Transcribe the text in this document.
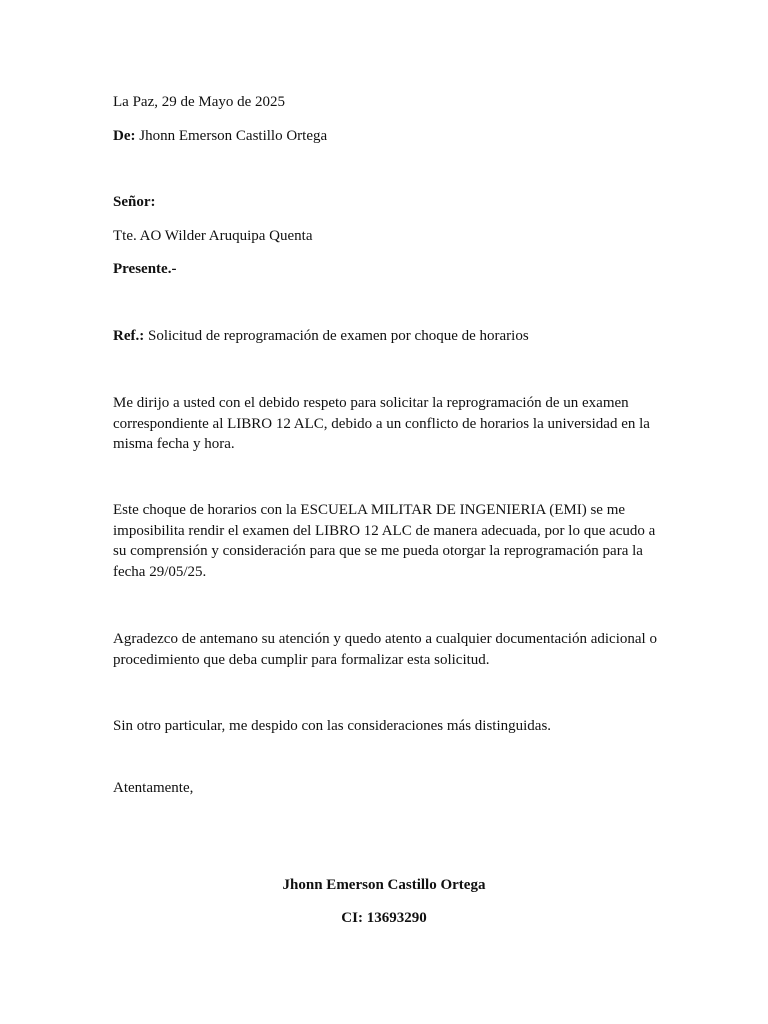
La Paz, 29 de Mayo de 2025
De: Jhonn Emerson Castillo Ortega
Señor:
Tte. AO Wilder Aruquipa Quenta
Presente.-
Ref.: Solicitud de reprogramación de examen por choque de horarios

Me dirijo a usted con el debido respeto para solicitar la reprogramación de un examen correspondiente al LIBRO 12 ALC, debido a un conflicto de horarios la universidad en la misma fecha y hora.

Este choque de horarios con la ESCUELA MILITAR DE INGENIERIA (EMI) se me imposibilita rendir el examen del LIBRO 12 ALC de manera adecuada, por lo que acudo a su comprensión y consideración para que se me pueda otorgar la reprogramación para la fecha 29/05/25.

Agradezco de antemano su atención y quedo atento a cualquier documentación adicional o procedimiento que deba cumplir para formalizar esta solicitud.

Sin otro particular, me despido con las consideraciones más distinguidas.
Atentamente,
Jhonn Emerson Castillo Ortega
CI: 13693290
